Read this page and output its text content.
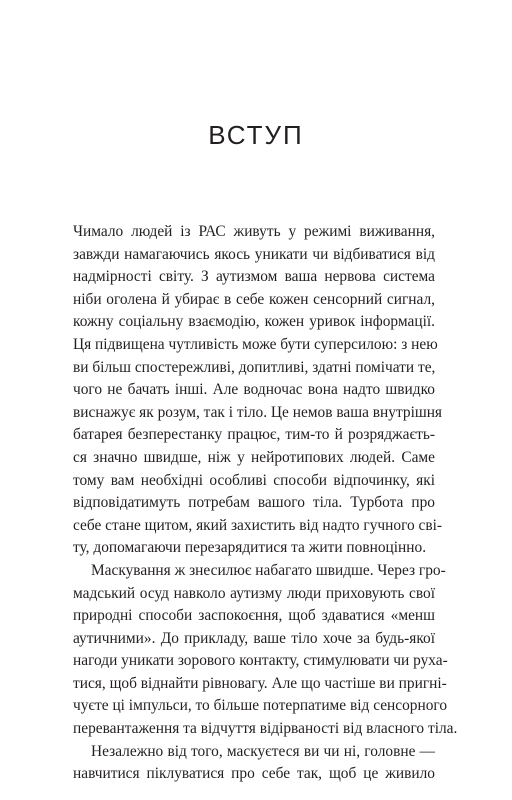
ВСТУП
Чимало людей із РАС живуть у режимі виживання,
завжди намагаючись якось уникати чи відбиватися від
надмірності світу. З аутизмом ваша нервова система
ніби оголена й убирає в себе кожен сенсорний сигнал,
кожну соціальну взаємодію, кожен уривок інформації.
Ця підвищена чутливість може бути суперсилою: з нею
ви більш спостережливі, допитливі, здатні помічати те,
чого не бачать інші. Але водночас вона надто швидко
виснажує як розум, так і тіло. Це немов ваша внутрішня
батарея безперестанку працює, тим-то й розряджаєть-
ся значно швидше, ніж у нейротипових людей. Саме
тому вам необхідні особливі способи відпочинку, які
відповідатимуть потребам вашого тіла. Турбота про
себе стане щитом, який захистить від надто гучного сві-
ту, допомагаючи перезарядитися та жити повноцінно.
Маскування ж знесилює набагато швидше. Через гро-
мадський осуд навколо аутизму люди приховують свої
природні способи заспокоєння, щоб здаватися «менш
аутичними». До прикладу, ваше тіло хоче за будь-якої
нагоди уникати зорового контакту, стимулювати чи руха-
тися, щоб віднайти рівновагу. Але що частіше ви пригні-
чуєте ці імпульси, то більше потерпатиме від сенсорного
перевантаження та відчуття відірваності від власного тіла.
Незалежно від того, маскуєтеся ви чи ні, головне —
навчитися піклуватися про себе так, щоб це живило
